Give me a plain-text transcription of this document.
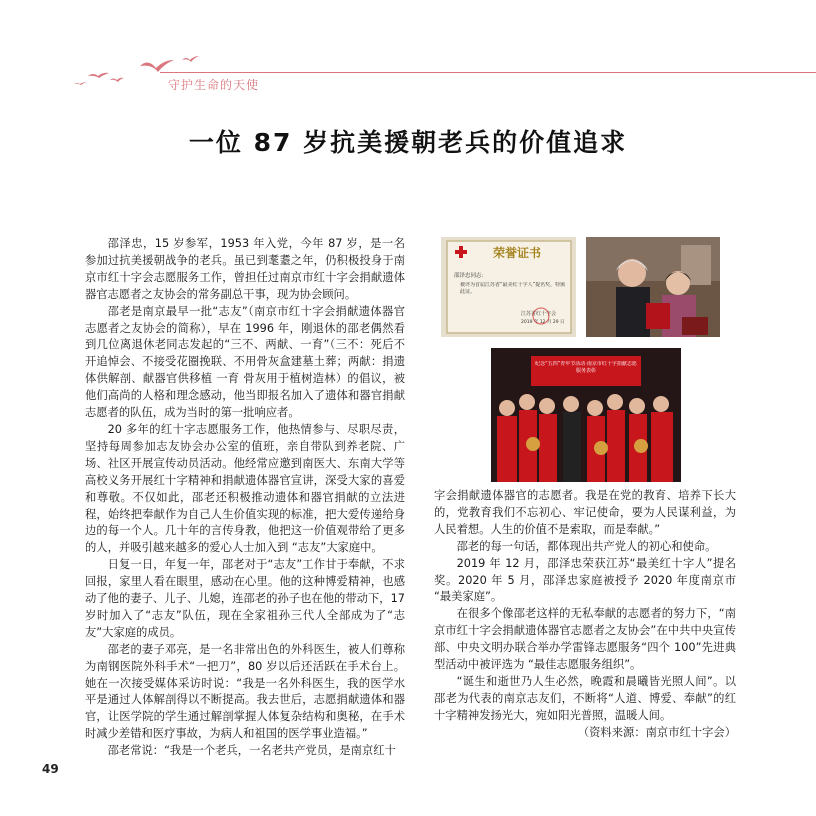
守护生命的天使
一位 87 岁抗美援朝老兵的价值追求

邵泽忠，15 岁参军，1953 年入党，今年 87 岁，是一名参加过抗美援朝战争的老兵。虽已到耄耋之年，仍积极投身于南京市红十字会志愿服务工作，曾担任过南京市红十字会捐献遗体器官志愿者之友协会的常务副总干事，现为协会顾问。

邵老是南京最早一批“志友”（南京市红十字会捐献遗体器官志愿者之友协会的简称），早在 1996 年，刚退休的邵老偶然看到几位离退休老同志发起的“三不、两献、一育”（三不：死后不开追悼会、不接受花圈挽联、不用骨灰盒建墓土葬；两献：捐遗体供解剖、献器官供移植 一育 骨灰用于植树造林）的倡议，被他们高尚的人格和理念感动，他当即报名加入了遗体和器官捐献志愿者的队伍，成为当时的第一批响应者。

20 多年的红十字志愿服务工作，他热情参与、尽职尽责，坚持每周参加志友协会办公室的值班，亲自带队到养老院、广场、社区开展宣传动员活动。他经常应邀到南医大、东南大学等高校义务开展红十字精神和捐献遗体器官宣讲，深受大家的喜爱和尊敬。不仅如此，邵老还积极推动遗体和器官捐献的立法进程，始终把奉献作为自己人生价值实现的标准，把大爱传递给身边的每一个人。几十年的言传身教，他把这一价值观带给了更多的人，并吸引越来越多的爱心人士加入到 “志友”大家庭中。

日复一日，年复一年，邵老对于“志友”工作甘于奉献，不求回报，家里人看在眼里，感动在心里。他的这种博爱精神，也感动了他的妻子、儿子、儿媳，连邵老的孙子也在他的带动下，17 岁时加入了“志友”队伍，现在全家祖孙三代人全部成为了“志友”大家庭的成员。

邵老的妻子邓亮，是一名非常出色的外科医生，被人们尊称为南钢医院外科手术“一把刀”，80 岁以后还活跃在手术台上。她在一次接受媒体采访时说：“我是一名外科医生，我的医学水平是通过人体解剖得以不断提高。我去世后，志愿捐献遗体和器官，让医学院的学生通过解剖掌握人体复杂结构和奥秘，在手术时减少差错和医疗事故，为病人和祖国的医学事业造福。”

邵老常说：“我是一个老兵，一名老共产党员，是南京红十

荣誉证书
邵泽忠同志：
被评为首届江苏省“最美红十字人”提名奖，特颁此证。
江苏省红十字会
2019 年 12 月 29 日
纪念“五四”青年节活动·南京市红十字捐献志愿服务表彰

字会捐献遗体器官的志愿者。我是在党的教育、培养下长大的，党教育我们不忘初心、牢记使命，要为人民谋利益，为人民着想。人生的价值不是索取，而是奉献。”

邵老的每一句话，都体现出共产党人的初心和使命。

2019 年 12 月，邵泽忠荣获江苏“最美红十字人”提名奖。2020 年 5 月，邵泽忠家庭被授予 2020 年度南京市 “最美家庭”。

在很多个像邵老这样的无私奉献的志愿者的努力下，“南京市红十字会捐献遗体器官志愿者之友协会”在中共中央宣传部、中央文明办联合举办学雷锋志愿服务“四个 100”先进典型活动中被评选为 “最佳志愿服务组织”。

“诞生和逝世乃人生必然，晚霞和晨曦皆光照人间”。以邵老为代表的南京志友们，不断将“人道、博爱、奉献”的红十字精神发扬光大，宛如阳光普照，温暖人间。

（资料来源：南京市红十字会）

49
